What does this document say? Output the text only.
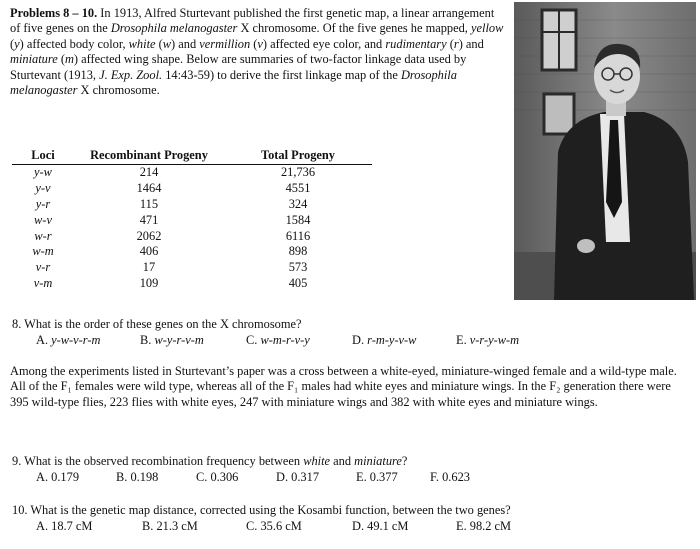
Problems 8 – 10. In 1913, Alfred Sturtevant published the first genetic map, a linear arrangement of five genes on the Drosophila melanogaster X chromosome. Of the five genes he mapped, yellow (y) affected body color, white (w) and vermillion (v) affected eye color, and rudimentary (r) and miniature (m) affected wing shape. Below are summaries of two-factor linkage data used by Sturtevant (1913, J. Exp. Zool. 14:43-59) to derive the first linkage map of the Drosophila melanogaster X chromosome.
Loci	Recombinant Progeny	Total Progeny
y-w	214	21,736
y-v	1464	4551
y-r	115	324
w-v	471	1584
w-r	2062	6116
w-m	406	898
v-r	17	573
v-m	109	405
8. What is the order of these genes on the X chromosome?
A. y-w-v-r-m	B. w-y-r-v-m	C. w-m-r-v-y	D. r-m-y-v-w	E. v-r-y-w-m
Among the experiments listed in Sturtevant’s paper was a cross between a white-eyed, miniature-winged female and a wild-type male. All of the F₁ females were wild type, whereas all of the F₁ males had white eyes and miniature wings. In the F₂ generation there were 395 wild-type flies, 223 flies with white eyes, 247 with miniature wings and 382 with white eyes and miniature wings.
9. What is the observed recombination frequency between white and miniature?
A. 0.179	B. 0.198	C. 0.306	D. 0.317	E. 0.377	F. 0.623
10. What is the genetic map distance, corrected using the Kosambi function, between the two genes?
A. 18.7 cM	B. 21.3 cM	C. 35.6 cM	D. 49.1 cM	E. 98.2 cM
